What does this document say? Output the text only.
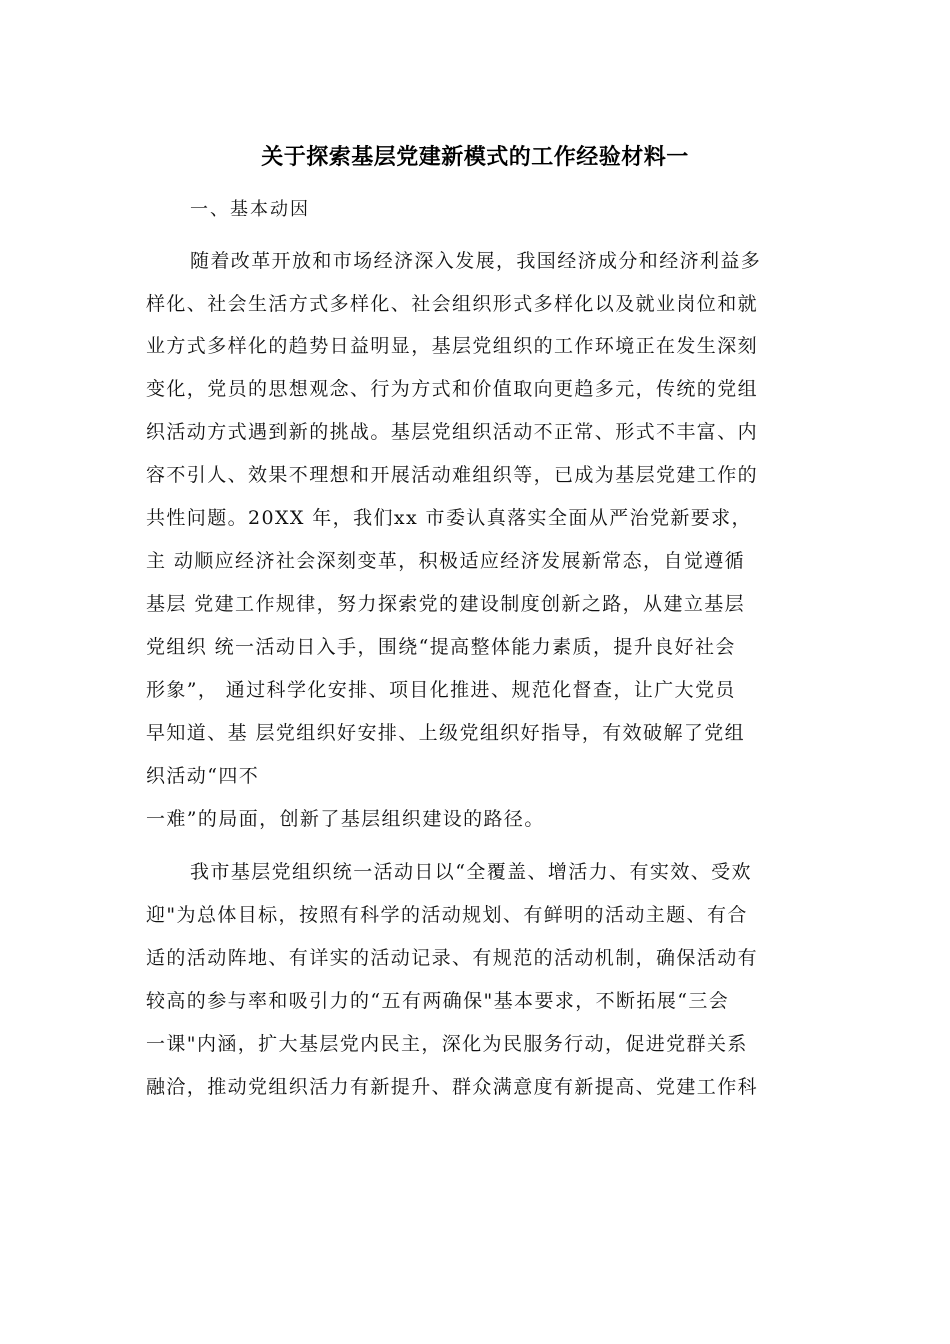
关于探索基层党建新模式的工作经验材料一
一、基本动因
随着改革开放和市场经济深入发展，我国经济成分和经济利益多
样化、社会生活方式多样化、社会组织形式多样化以及就业岗位和就
业方式多样化的趋势日益明显，基层党组织的工作环境正在发生深刻
变化，党员的思想观念、行为方式和价值取向更趋多元，传统的党组
织活动方式遇到新的挑战。基层党组织活动不正常、形式不丰富、内
容不引人、效果不理想和开展活动难组织等，已成为基层党建工作的
共性问题。20XX 年，我们xx 市委认真落实全面从严治党新要求，
主 动顺应经济社会深刻变革，积极适应经济发展新常态，自觉遵循
基层 党建工作规律，努力探索党的建设制度创新之路，从建立基层
党组织 统一活动日入手，围绕“提高整体能力素质，提升良好社会
形象”， 通过科学化安排、项目化推进、规范化督查，让广大党员
早知道、基 层党组织好安排、上级党组织好指导，有效破解了党组
织活动“四不
一难”的局面，创新了基层组织建设的路径。
我市基层党组织统一活动日以“全覆盖、增活力、有实效、受欢
迎"为总体目标，按照有科学的活动规划、有鲜明的活动主题、有合
适的活动阵地、有详实的活动记录、有规范的活动机制，确保活动有
较高的参与率和吸引力的“五有两确保"基本要求，不断拓展“三会
一课"内涵，扩大基层党内民主，深化为民服务行动，促进党群关系
融洽，推动党组织活力有新提升、群众满意度有新提高、党建工作科
